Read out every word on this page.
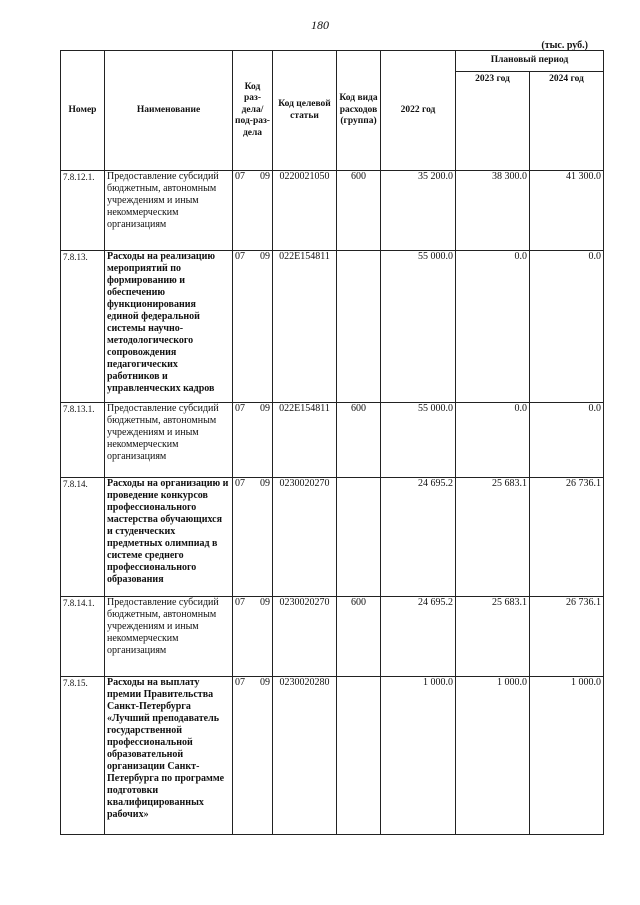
180
(тыс. руб.)
Номер	Наименование	Код раз-дела/ под-раз-дела	Код целевой статьи	Код вида расходов (группа)	2022 год	Плановый период	
						2023 год	2024 год
7.8.12.1.	Предоставление субсидий бюджетным, автономным учреждениям и иным некоммерческим организациям	07 09	0220021050	600	35 200.0	38 300.0	41 300.0
7.8.13.	Расходы на реализацию мероприятий по формированию и обеспечению функционирования единой федеральной системы научно-методологического сопровождения педагогических работников и управленческих кадров	07 09	022Е154811		55 000.0	0.0	0.0
7.8.13.1.	Предоставление субсидий бюджетным, автономным учреждениям и иным некоммерческим организациям	07 09	022Е154811	600	55 000.0	0.0	0.0
7.8.14.	Расходы на организацию и проведение конкурсов профессионального мастерства обучающихся и студенческих предметных олимпиад в системе среднего профессионального образования	07 09	0230020270		24 695.2	25 683.1	26 736.1
7.8.14.1.	Предоставление субсидий бюджетным, автономным учреждениям и иным некоммерческим организациям	07 09	0230020270	600	24 695.2	25 683.1	26 736.1
7.8.15.	Расходы на выплату премии Правительства Санкт-Петербурга «Лучший преподаватель государственной профессиональной образовательной организации Санкт-Петербурга по программе подготовки квалифицированных рабочих»	07 09	0230020280		1 000.0	1 000.0	1 000.0
